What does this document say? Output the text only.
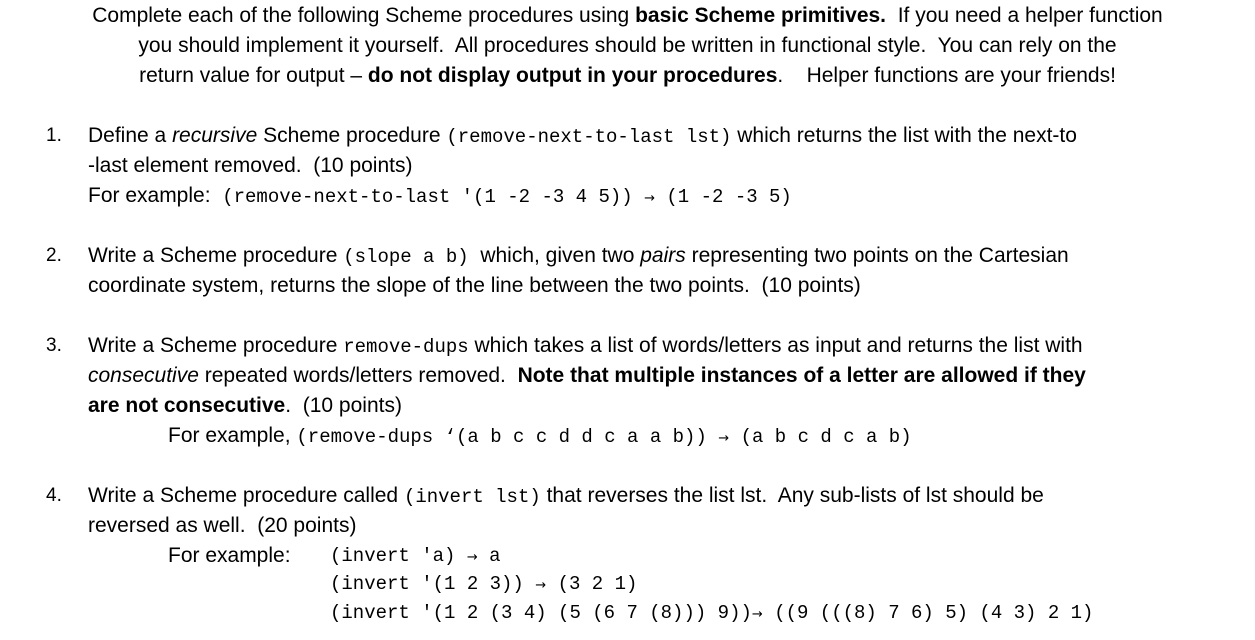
Complete each of the following Scheme procedures using basic Scheme primitives.  If you need a helper function
you should implement it yourself.  All procedures should be written in functional style.  You can rely on the
return value for output – do not display output in your procedures.    Helper functions are your friends!
1. Define a recursive Scheme procedure (remove-next-to-last lst) which returns the list with the next-to
-last element removed.  (10 points)
For example:  (remove-next-to-last '(1 -2 -3 4 5)) → (1 -2 -3 5)
2. Write a Scheme procedure (slope a b)  which, given two pairs representing two points on the Cartesian
coordinate system, returns the slope of the line between the two points.  (10 points)
3. Write a Scheme procedure remove-dups which takes a list of words/letters as input and returns the list with
consecutive repeated words/letters removed.  Note that multiple instances of a letter are allowed if they
are not consecutive.  (10 points)
For example, (remove-dups ‘(a b c c d d c a a b)) → (a b c d c a b)
4. Write a Scheme procedure called (invert lst) that reverses the list lst.  Any sub-lists of lst should be
reversed as well.  (20 points)
For example: (invert 'a) → a
(invert '(1 2 3)) → (3 2 1)
(invert '(1 2 (3 4) (5 (6 7 (8))) 9))→ ((9 (((8) 7 6) 5) (4 3) 2 1)
